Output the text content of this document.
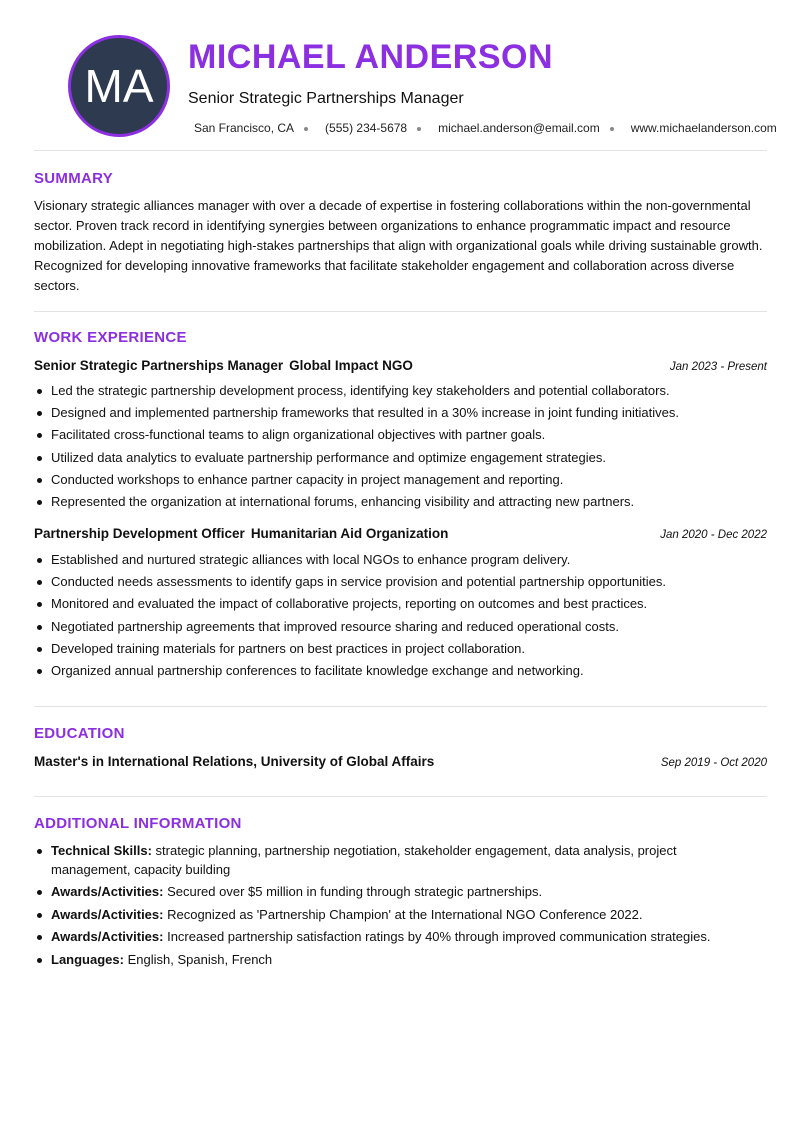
MA
MICHAEL ANDERSON
Senior Strategic Partnerships Manager
San Francisco, CA	(555) 234-5678	michael.anderson@email.com	www.michaelanderson.com
SUMMARY
Visionary strategic alliances manager with over a decade of expertise in fostering collaborations within the non-governmental sector. Proven track record in identifying synergies between organizations to enhance programmatic impact and resource mobilization. Adept in negotiating high-stakes partnerships that align with organizational goals while driving sustainable growth. Recognized for developing innovative frameworks that facilitate stakeholder engagement and collaboration across diverse sectors.
WORK EXPERIENCE
Senior Strategic Partnerships Manager Global Impact NGO	Jan 2023 - Present
Led the strategic partnership development process, identifying key stakeholders and potential collaborators.
Designed and implemented partnership frameworks that resulted in a 30% increase in joint funding initiatives.
Facilitated cross-functional teams to align organizational objectives with partner goals.
Utilized data analytics to evaluate partnership performance and optimize engagement strategies.
Conducted workshops to enhance partner capacity in project management and reporting.
Represented the organization at international forums, enhancing visibility and attracting new partners.
Partnership Development Officer Humanitarian Aid Organization	Jan 2020 - Dec 2022
Established and nurtured strategic alliances with local NGOs to enhance program delivery.
Conducted needs assessments to identify gaps in service provision and potential partnership opportunities.
Monitored and evaluated the impact of collaborative projects, reporting on outcomes and best practices.
Negotiated partnership agreements that improved resource sharing and reduced operational costs.
Developed training materials for partners on best practices in project collaboration.
Organized annual partnership conferences to facilitate knowledge exchange and networking.
EDUCATION
Master's in International Relations, University of Global Affairs	Sep 2019 - Oct 2020
ADDITIONAL INFORMATION
Technical Skills: strategic planning, partnership negotiation, stakeholder engagement, data analysis, project management, capacity building
Awards/Activities: Secured over $5 million in funding through strategic partnerships.
Awards/Activities: Recognized as 'Partnership Champion' at the International NGO Conference 2022.
Awards/Activities: Increased partnership satisfaction ratings by 40% through improved communication strategies.
Languages: English , Spanish , French
